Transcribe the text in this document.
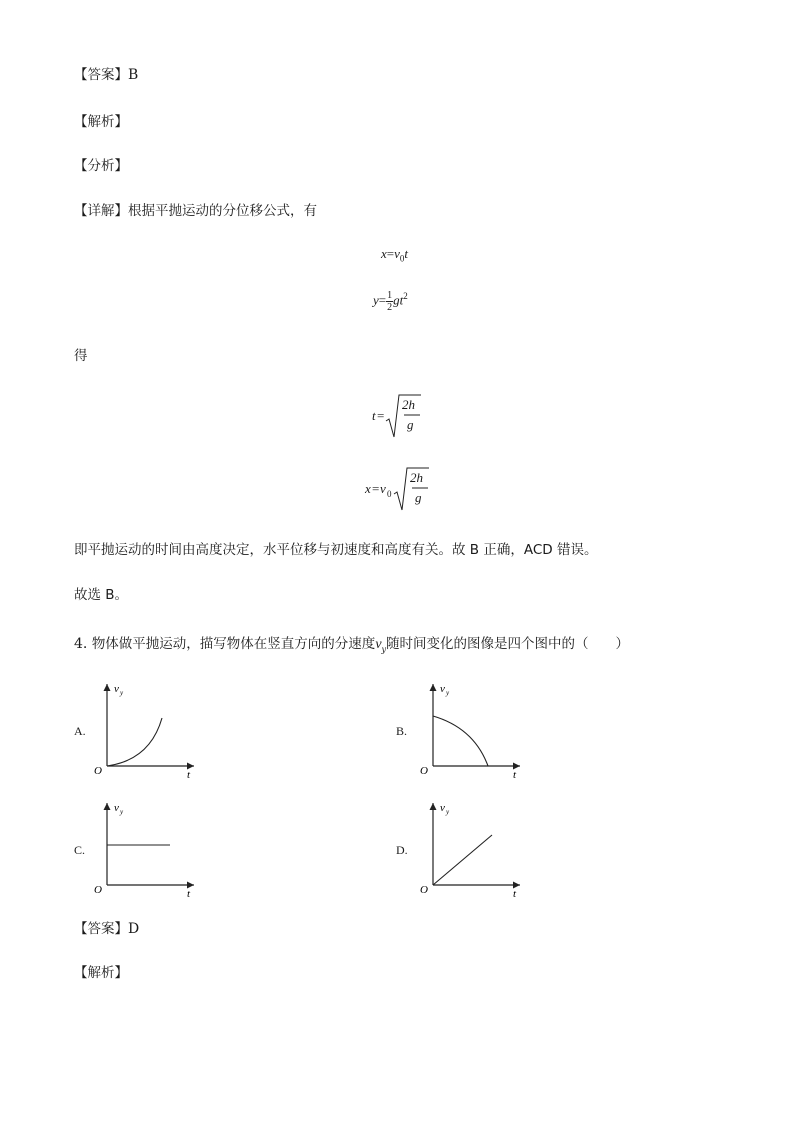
【答案】B
【解析】
【分析】
【详解】根据平抛运动的分位移公式，有
$x=v_0t$
$y= \frac{1}{2} gt^2$
得
t =
2h
g
x = v 0
2h
g
即平抛运动的时间由高度决定，水平位移与初速度和高度有关。故 B 正确，ACD 错误。
故选 B。
4. 物体做平抛运动，描写物体在竖直方向的分速度$v_y$随时间变化的图像是四个图中的（　　）
A.
v y
t
O
B.
v y
t
O
C.
v y
t
O
D.
v y
t
O
【答案】D
【解析】
